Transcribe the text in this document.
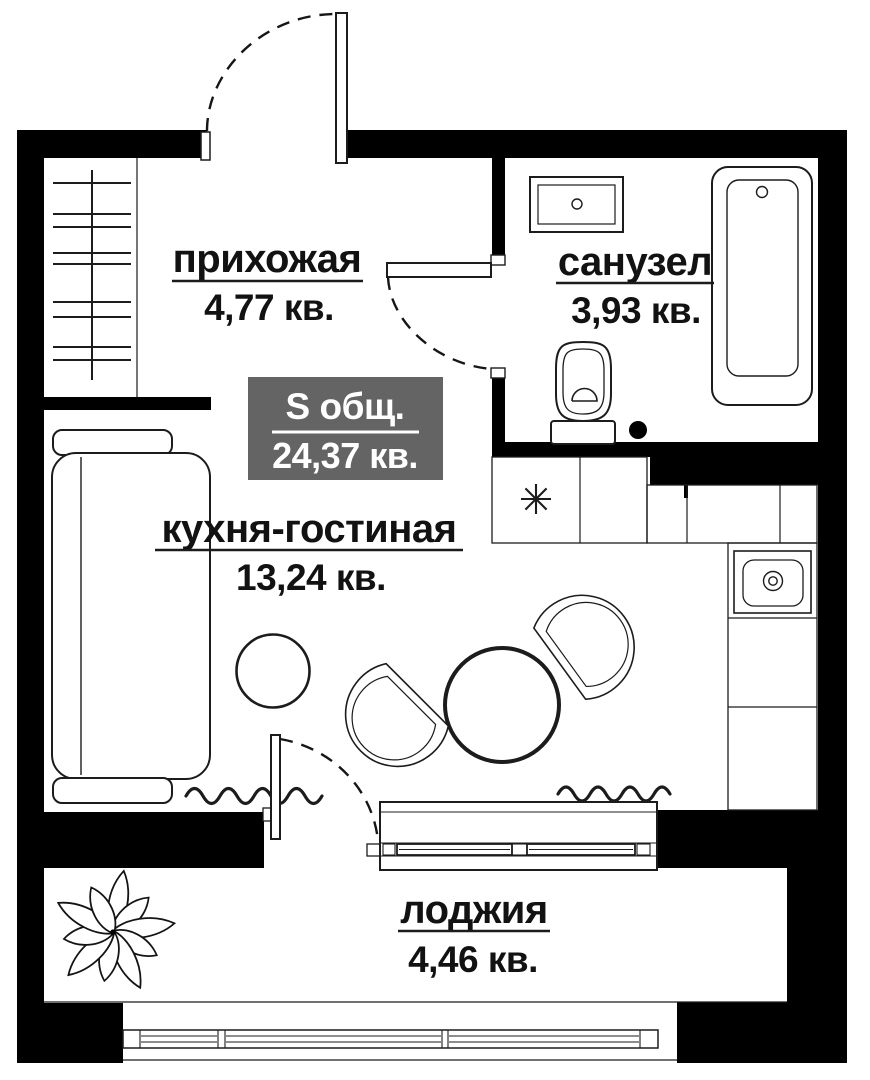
прихожая
4,77 кв.
санузел
3,93 кв.
кухня-гостиная
13,24 кв.
лоджия
4,46 кв.
S общ.
24,37 кв.
